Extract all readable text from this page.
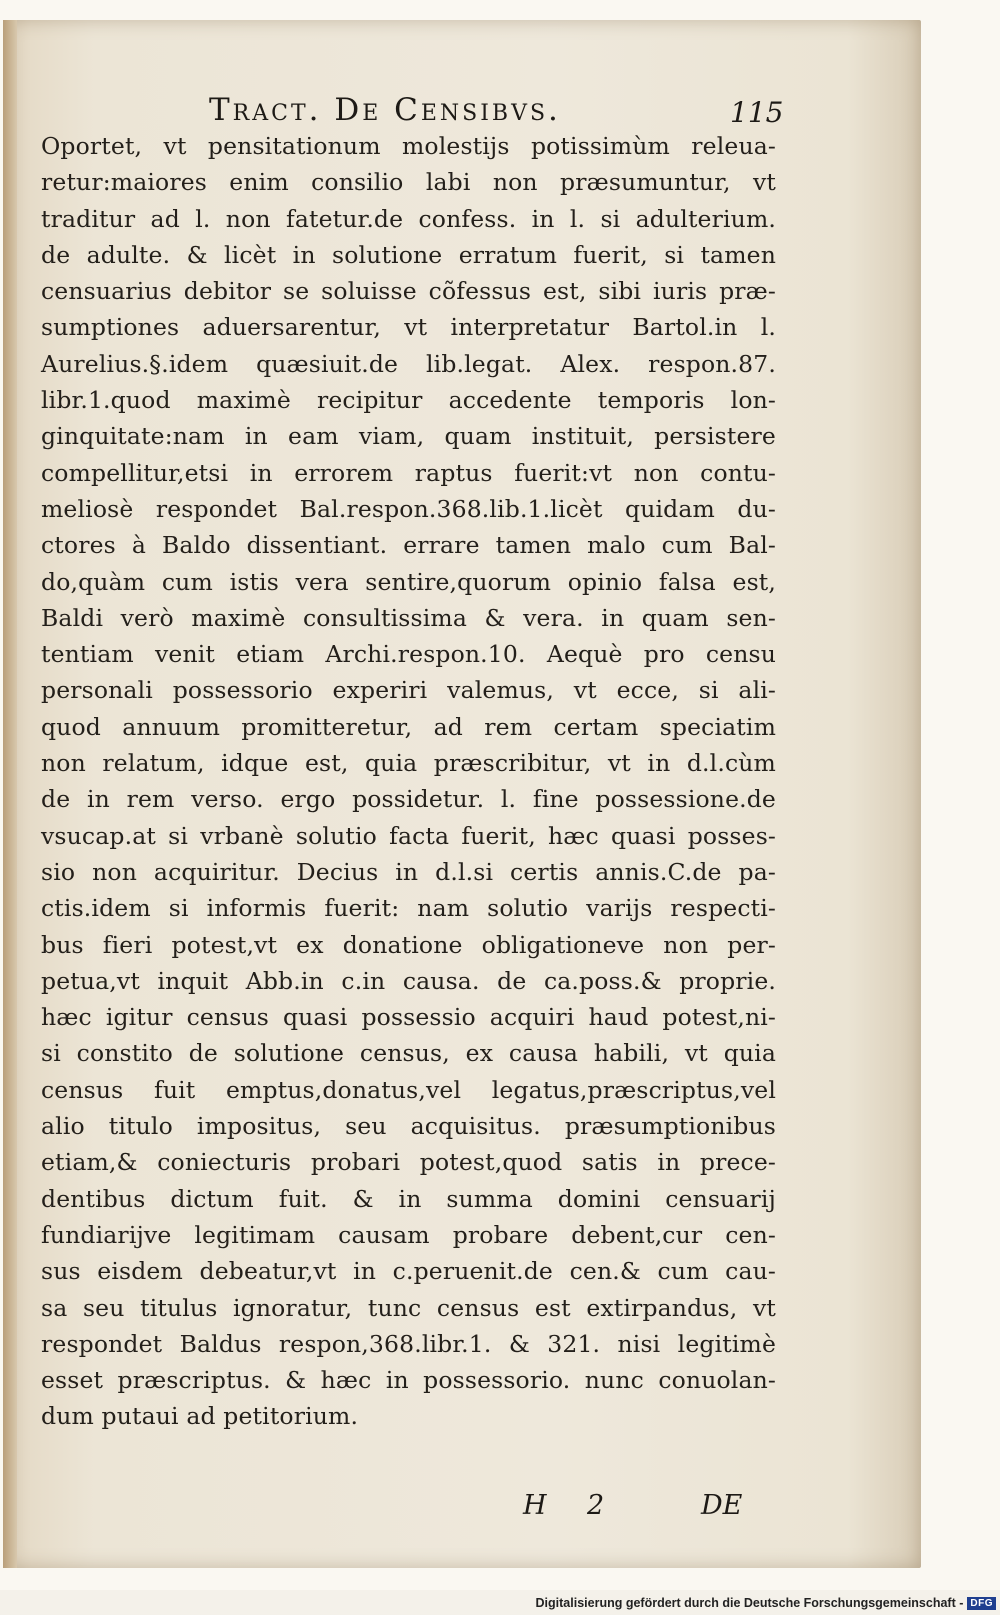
Tract. De Censibvs.	115
Oportet, vt pensitationum molestijs potissimùm releua-
retur:maiores enim consilio labi non præsumuntur, vt
traditur ad l. non fatetur.de confess. in l. si adulterium.
de adulte. & licèt in solutione erratum fuerit, si tamen
censuarius debitor se soluisse cõfessus est, sibi iuris præ-
sumptiones aduersarentur, vt interpretatur Bartol.in l.
Aurelius.§.idem quæsiuit.de lib.legat. Alex. respon.87.
libr.1.quod maximè recipitur accedente temporis lon-
ginquitate:nam in eam viam, quam instituit, persistere
compellitur,etsi in errorem raptus fuerit:vt non contu-
meliosè respondet Bal.respon.368.lib.1.licèt quidam du-
ctores à Baldo dissentiant. errare tamen malo cum Bal-
do,quàm cum istis vera sentire,quorum opinio falsa est,
Baldi verò maximè consultissima & vera. in quam sen-
tentiam venit etiam Archi.respon.10. Aequè pro censu
personali possessorio experiri valemus, vt ecce, si ali-
quod annuum promitteretur, ad rem certam speciatim
non relatum, idque est, quia præscribitur, vt in d.l.cùm
de in rem verso. ergo possidetur. l. fine possessione.de
vsucap.at si vrbanè solutio facta fuerit, hæc quasi posses-
sio non acquiritur. Decius in d.l.si certis annis.C.de pa-
ctis.idem si informis fuerit: nam solutio varijs respecti-
bus fieri potest,vt ex donatione obligationeve non per-
petua,vt inquit Abb.in c.in causa. de ca.poss.& proprie.
hæc igitur census quasi possessio acquiri haud potest,ni-
si constito de solutione census, ex causa habili, vt quia
census fuit emptus,donatus,vel legatus,præscriptus,vel
alio titulo impositus, seu acquisitus. præsumptionibus
etiam,& coniecturis probari potest,quod satis in prece-
dentibus dictum fuit. & in summa domini censuarij
fundiarijve legitimam causam probare debent,cur cen-
sus eisdem debeatur,vt in c.peruenit.de cen.& cum cau-
sa seu titulus ignoratur, tunc census est extirpandus, vt
respondet Baldus respon,368.libr.1. & 321. nisi legitimè
esset præscriptus. & hæc in possessorio. nunc conuolan-
dum putaui ad petitorium.
H 2	DE
Digitalisierung gefördert durch die Deutsche Forschungsgemeinschaft - DFG
